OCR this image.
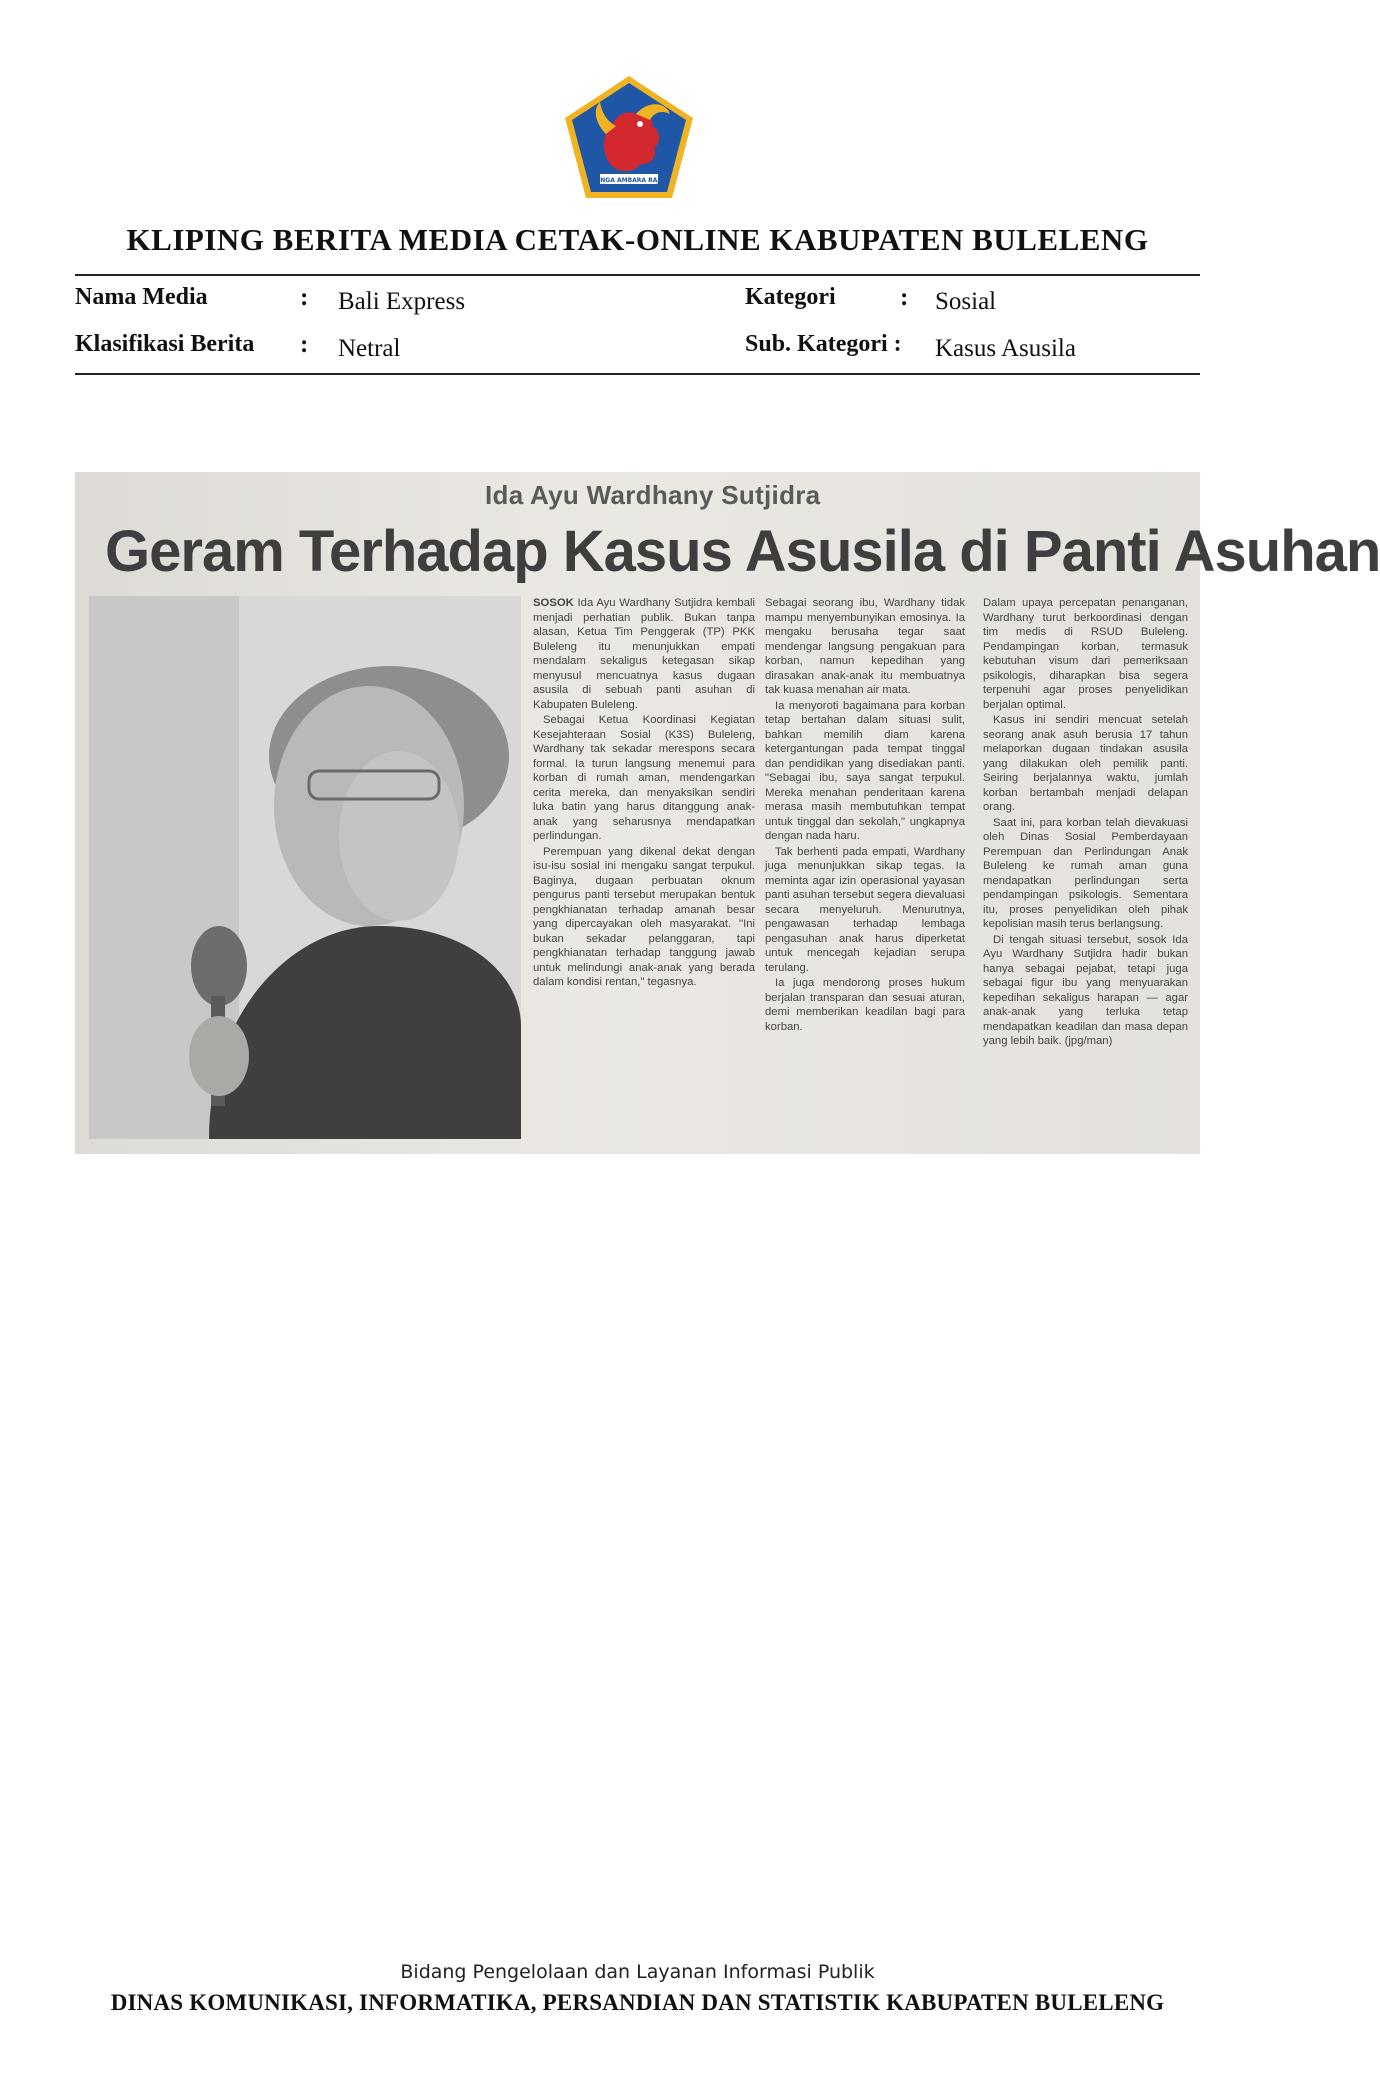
SINGA AMBARA RAJA
KLIPING BERITA MEDIA CETAK-ONLINE KABUPATEN BULELENG
Nama Media	: Bali Express	Kategori	: Sosial
Klasifikasi Berita : Netral	Sub. Kategori : Kasus Asusila
Ida Ayu Wardhany Sutjidra
Geram Terhadap Kasus Asusila di Panti Asuhan

SOSOK Ida Ayu Wardhany Sutjidra kembali menjadi perhatian publik. Bukan tanpa alasan, Ketua Tim Penggerak (TP) PKK Buleleng itu menunjukkan empati mendalam sekaligus ketegasan sikap menyusul mencuatnya kasus dugaan asusila di sebuah panti asuhan di Kabupaten Buleleng.

Sebagai Ketua Koordinasi Kegiatan Kesejahteraan Sosial (K3S) Buleleng, Wardhany tak sekadar merespons secara formal. Ia turun langsung menemui para korban di rumah aman, mendengarkan cerita mereka, dan menyaksikan sendiri luka batin yang harus ditanggung anak-anak yang seharusnya mendapatkan perlindungan.

Perempuan yang dikenal dekat dengan isu-isu sosial ini mengaku sangat terpukul. Baginya, dugaan perbuatan oknum pengurus panti tersebut merupakan bentuk pengkhianatan terhadap amanah besar yang dipercayakan oleh masyarakat. "Ini bukan sekadar pelanggaran, tapi pengkhianatan terhadap tanggung jawab untuk melindungi anak-anak yang berada dalam kondisi rentan," tegasnya.

Sebagai seorang ibu, Wardhany tidak mampu menyembunyikan emosinya. Ia mengaku berusaha tegar saat mendengar langsung pengakuan para korban, namun kepedihan yang dirasakan anak-anak itu membuatnya tak kuasa menahan air mata.

Ia menyoroti bagaimana para korban tetap bertahan dalam situasi sulit, bahkan memilih diam karena ketergantungan pada tempat tinggal dan pendidikan yang disediakan panti. "Sebagai ibu, saya sangat terpukul. Mereka menahan penderitaan karena merasa masih membutuhkan tempat untuk tinggal dan sekolah," ungkapnya dengan nada haru.

Tak berhenti pada empati, Wardhany juga menunjukkan sikap tegas. Ia meminta agar izin operasional yayasan panti asuhan tersebut segera dievaluasi secara menyeluruh. Menurutnya, pengawasan terhadap lembaga pengasuhan anak harus diperketat untuk mencegah kejadian serupa terulang.

Ia juga mendorong proses hukum berjalan transparan dan sesuai aturan, demi memberikan keadilan bagi para korban.

Dalam upaya percepatan penanganan, Wardhany turut berkoordinasi dengan tim medis di RSUD Buleleng. Pendampingan korban, termasuk kebutuhan visum dari pemeriksaan psikologis, diharapkan bisa segera terpenuhi agar proses penyelidikan berjalan optimal.

Kasus ini sendiri mencuat setelah seorang anak asuh berusia 17 tahun melaporkan dugaan tindakan asusila yang dilakukan oleh pemilik panti. Seiring berjalannya waktu, jumlah korban bertambah menjadi delapan orang.

Saat ini, para korban telah dievakuasi oleh Dinas Sosial Pemberdayaan Perempuan dan Perlindungan Anak Buleleng ke rumah aman guna mendapatkan perlindungan serta pendampingan psikologis. Sementara itu, proses penyelidikan oleh pihak kepolisian masih terus berlangsung.

Di tengah situasi tersebut, sosok Ida Ayu Wardhany Sutjidra hadir bukan hanya sebagai pejabat, tetapi juga sebagai figur ibu yang menyuarakan kepedihan sekaligus harapan — agar anak-anak yang terluka tetap mendapatkan keadilan dan masa depan yang lebih baik. (jpg/man)

Bidang Pengelolaan dan Layanan Informasi Publik
DINAS KOMUNIKASI, INFORMATIKA, PERSANDIAN DAN STATISTIK KABUPATEN BULELENG
